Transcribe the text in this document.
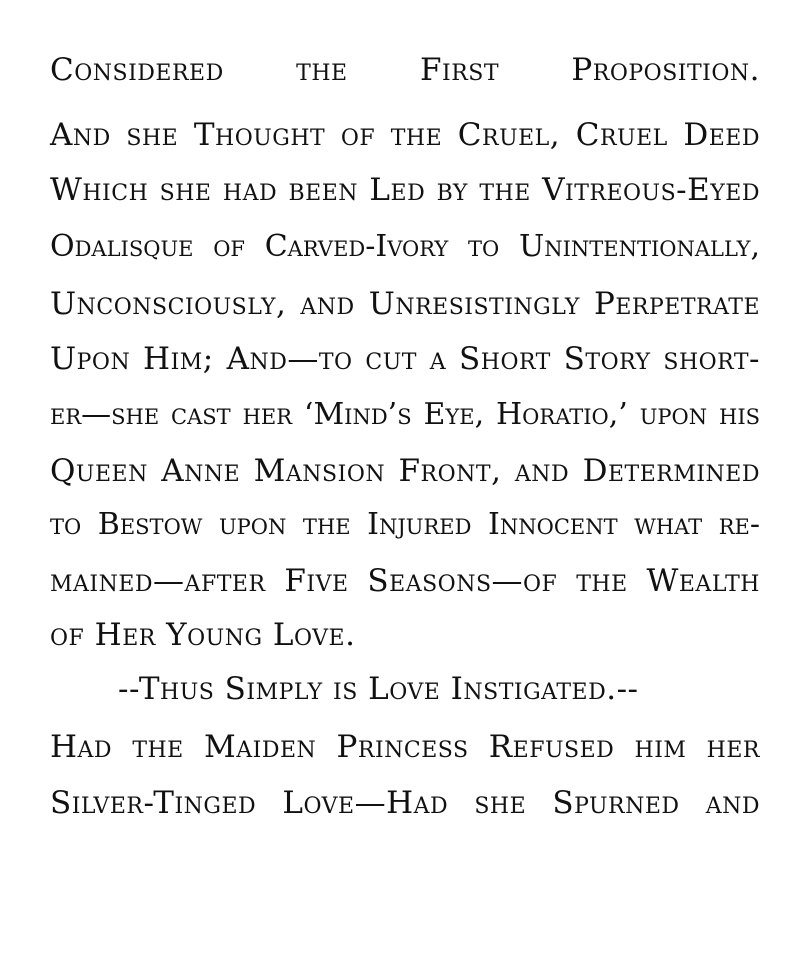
Considered the First Proposition.
And she Thought of the Cruel, Cruel Deed
Which she had been Led by the Vitreous-Eyed
Odalisque of Carved-Ivory to Unintentionally,
Unconsciously, and Unresistingly Perpetrate
Upon Him; And—to cut a Short Story short-
er—she cast her ‘Mind’s Eye, Horatio,’ upon his
Queen Anne Mansion Front, and Determined
to Bestow upon the Injured Innocent what re-
mained—after Five Seasons—of the Wealth
of Her Young Love.
--Thus Simply is Love Instigated.--
Had the Maiden Princess Refused him her
Silver-Tinged Love—Had she Spurned and
